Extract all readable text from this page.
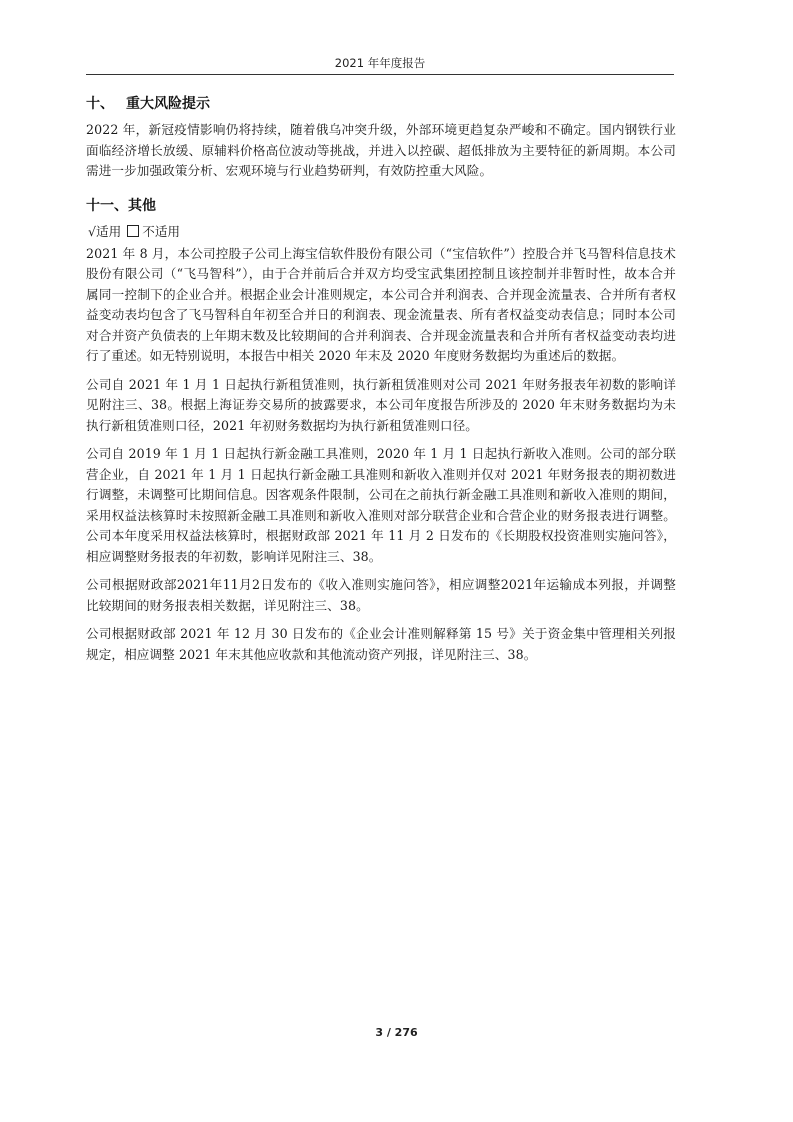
2021 年年度报告
十、 重大风险提示

2022 年，新冠疫情影响仍将持续，随着俄乌冲突升级，外部环境更趋复杂严峻和不确定。国内钢铁行业面临经济增长放缓、原辅料价格高位波动等挑战，并进入以控碳、超低排放为主要特征的新周期。本公司需进一步加强政策分析、宏观环境与行业趋势研判，有效防控重大风险。

十一、其他
√适用 不适用

2021 年 8 月，本公司控股子公司上海宝信软件股份有限公司（“宝信软件”）控股合并飞马智科信息技术股份有限公司（“飞马智科”），由于合并前后合并双方均受宝武集团控制且该控制并非暂时性，故本合并属同一控制下的企业合并。根据企业会计准则规定，本公司合并利润表、合并现金流量表、合并所有者权益变动表均包含了飞马智科自年初至合并日的利润表、现金流量表、所有者权益变动表信息；同时本公司对合并资产负债表的上年期末数及比较期间的合并利润表、合并现金流量表和合并所有者权益变动表均进行了重述。如无特别说明，本报告中相关 2020 年末及 2020 年度财务数据均为重述后的数据。

公司自 2021 年 1 月 1 日起执行新租赁准则，执行新租赁准则对公司 2021 年财务报表年初数的影响详见附注三、38。根据上海证券交易所的披露要求，本公司年度报告所涉及的 2020 年末财务数据均为未执行新租赁准则口径，2021 年初财务数据均为执行新租赁准则口径。

公司自 2019 年 1 月 1 日起执行新金融工具准则，2020 年 1 月 1 日起执行新收入准则。公司的部分联营企业，自 2021 年 1 月 1 日起执行新金融工具准则和新收入准则并仅对 2021 年财务报表的期初数进行调整，未调整可比期间信息。因客观条件限制，公司在之前执行新金融工具准则和新收入准则的期间，采用权益法核算时未按照新金融工具准则和新收入准则对部分联营企业和合营企业的财务报表进行调整。公司本年度采用权益法核算时，根据财政部 2021 年 11 月 2 日发布的《长期股权投资准则实施问答》，相应调整财务报表的年初数，影响详见附注三、38。

公司根据财政部2021年11月2日发布的《收入准则实施问答》，相应调整2021年运输成本列报，并调整比较期间的财务报表相关数据，详见附注三、38。

公司根据财政部 2021 年 12 月 30 日发布的《企业会计准则解释第 15 号》关于资金集中管理相关列报规定，相应调整 2021 年末其他应收款和其他流动资产列报，详见附注三、38。

3 / 276
